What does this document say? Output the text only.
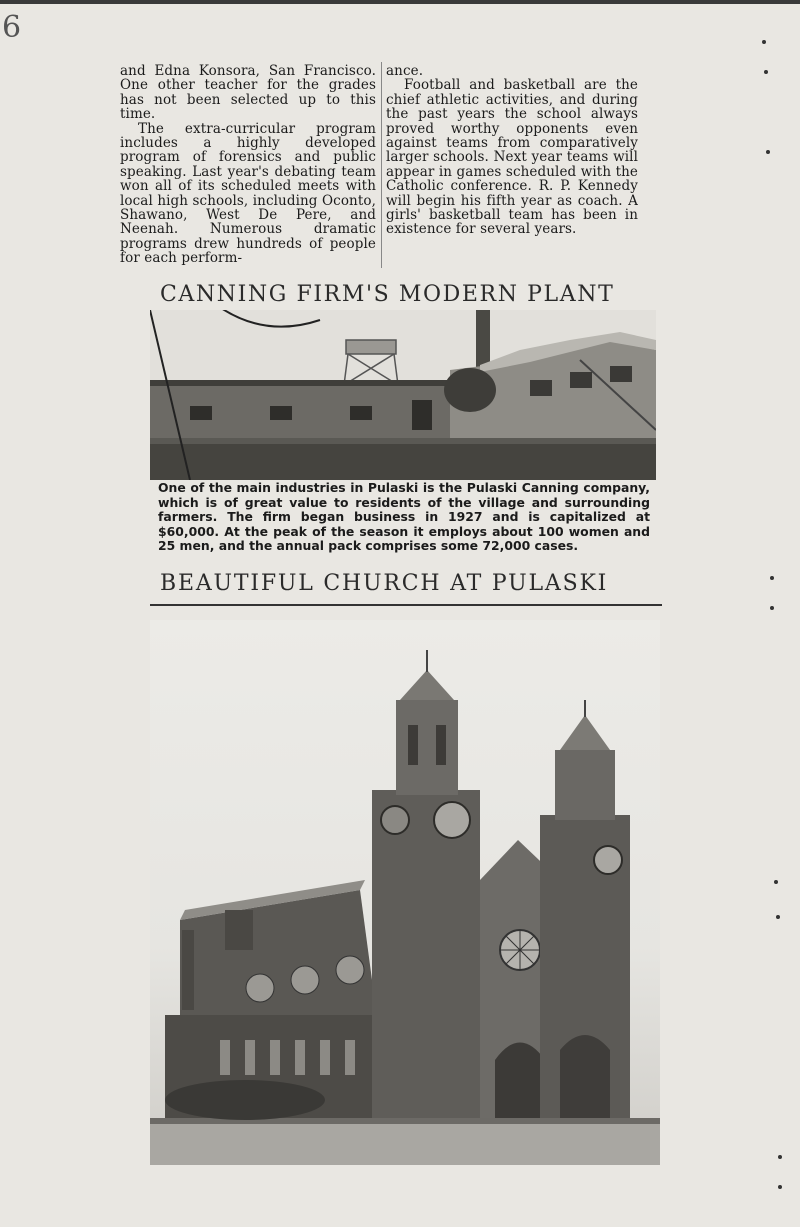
6

and Edna Konsora, San Francisco. One other teacher for the grades has not been selected up to this time.

The extra-curricular program includes a highly developed program of forensics and public speaking. Last year's debating team won all of its scheduled meets with local high schools, including Oconto, Shawano, West De Pere, and Neenah. Numerous dramatic programs drew hundreds of people for each perform-

ance.

Football and basketball are the chief athletic activities, and during the past years the school always proved worthy opponents even against teams from comparatively larger schools. Next year teams will appear in games scheduled with the Catholic conference. R. P. Kennedy will begin his fifth year as coach. A girls' basketball team has been in existence for several years.

CANNING FIRM'S MODERN PLANT
One of the main industries in Pulaski is the Pulaski Canning company, which is of great value to residents of the village and surrounding farmers. The firm began business in 1927 and is capitalized at $60,000. At the peak of the season it employs about 100 women and 25 men, and the annual pack comprises some 72,000 cases.
BEAUTIFUL CHURCH AT PULASKI
